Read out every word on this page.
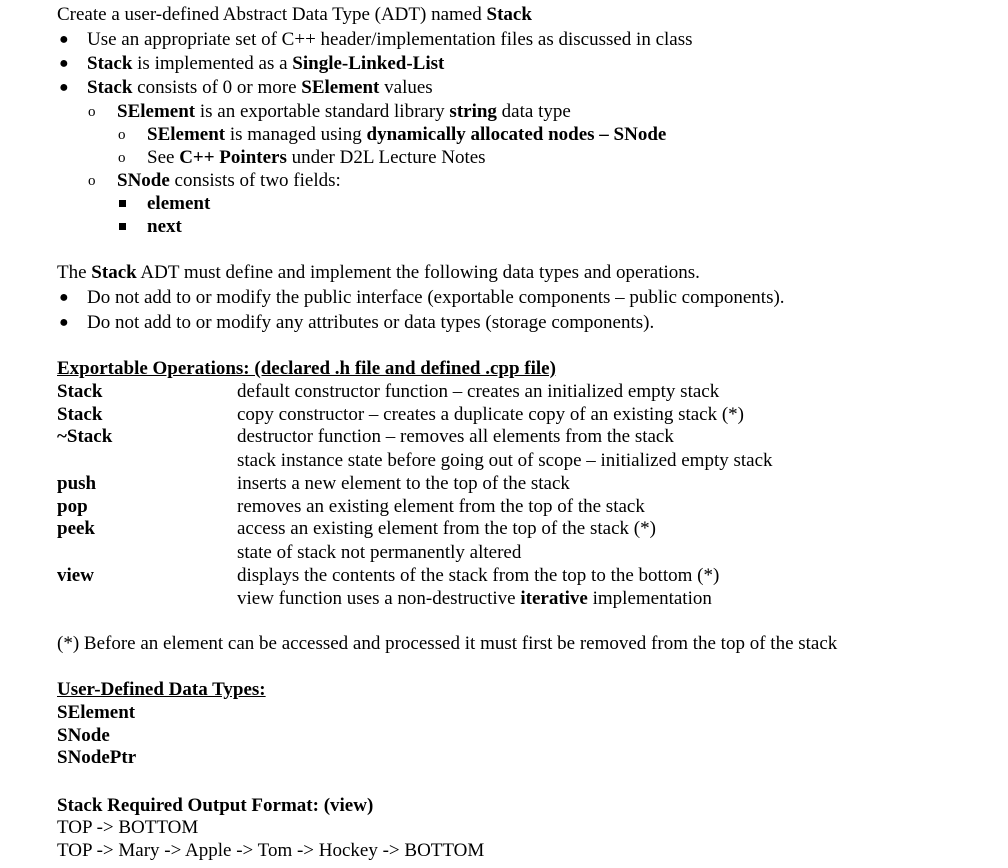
Create a user-defined Abstract Data Type (ADT) named Stack
● Use an appropriate set of C++ header/implementation files as discussed in class
● Stack is implemented as a Single-Linked-List
● Stack consists of 0 or more SElement values
o SElement is an exportable standard library string data type
o SElement is managed using dynamically allocated nodes – SNode
o See C++ Pointers under D2L Lecture Notes
o SNode consists of two fields:
element
next
The Stack ADT must define and implement the following data types and operations.
● Do not add to or modify the public interface (exportable components – public components).
● Do not add to or modify any attributes or data types (storage components).
Exportable Operations: (declared .h file and defined .cpp file)
Stack	default constructor function – creates an initialized empty stack
Stack	copy constructor – creates a duplicate copy of an existing stack (*)
~Stack	destructor function – removes all elements from the stack
stack instance state before going out of scope – initialized empty stack
push	inserts a new element to the top of the stack
pop	removes an existing element from the top of the stack
peek	access an existing element from the top of the stack (*)
state of stack not permanently altered
view	displays the contents of the stack from the top to the bottom (*)
view function uses a non-destructive iterative implementation
(*) Before an element can be accessed and processed it must first be removed from the top of the stack
User-Defined Data Types:
SElement
SNode
SNodePtr
Stack Required Output Format: (view)
TOP -> BOTTOM
TOP -> Mary -> Apple -> Tom -> Hockey -> BOTTOM
